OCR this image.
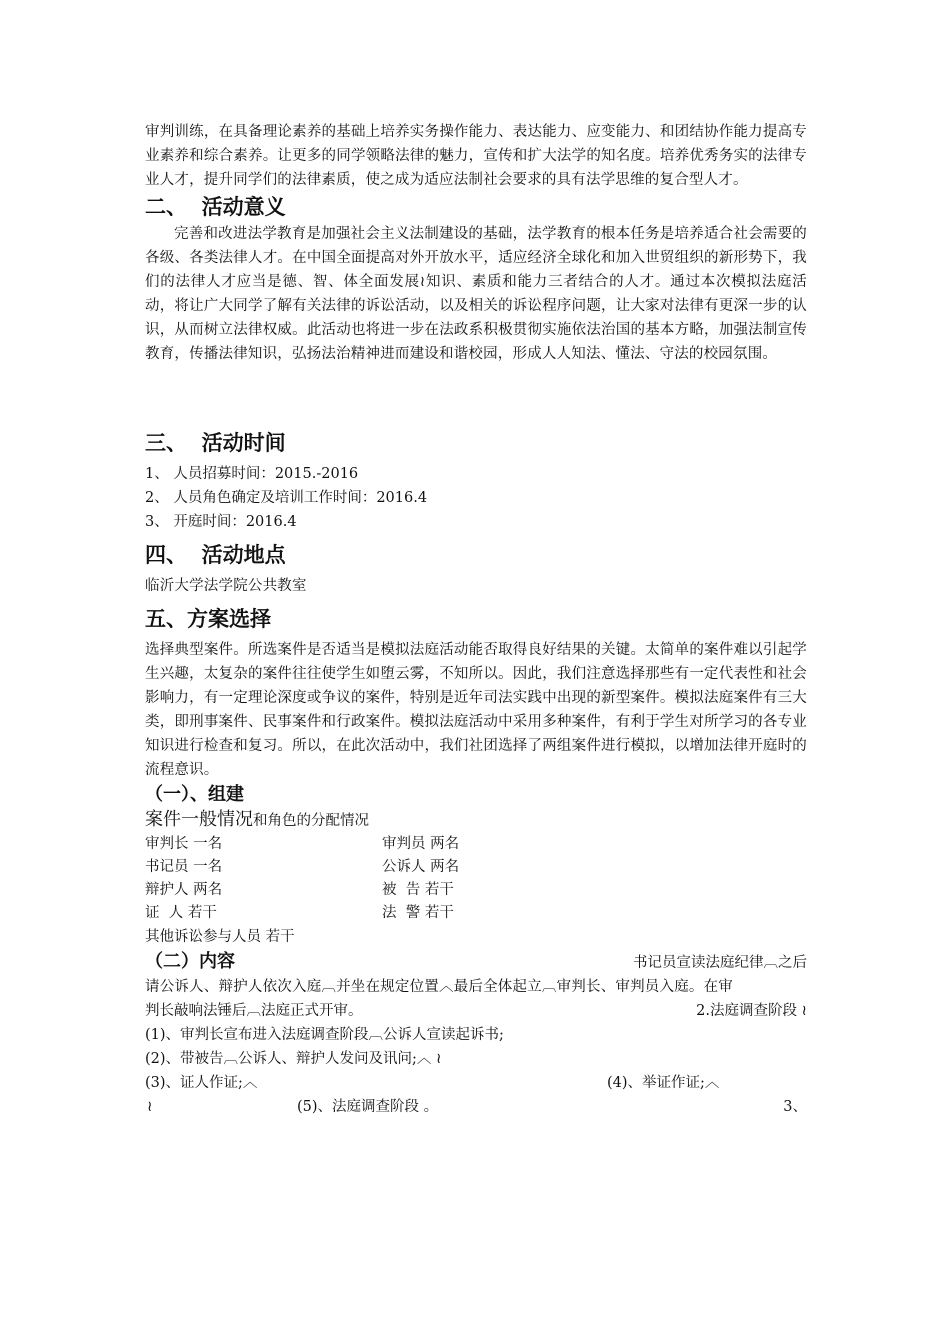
审判训练，在具备理论素养的基础上培养实务操作能力、表达能力、应变能力、和团结协作能力提高专业素养和综合素养。让更多的同学领略法律的魅力，宣传和扩大法学的知名度。培养优秀务实的法律专业人才，提升同学们的法律素质，使之成为适应法制社会要求的具有法学思维的复合型人才。

二、  活动意义

完善和改进法学教育是加强社会主义法制建设的基础，法学教育的根本任务是培养适合社会需要的各级、各类法律人才。在中国全面提高对外开放水平，适应经济全球化和加入世贸组织的新形势下，我们的法律人才应当是德、智、体全面发展≀知识、素质和能力三者结合的人才。通过本次模拟法庭活动，将让广大同学了解有关法律的诉讼活动，以及相关的诉讼程序问题，让大家对法律有更深一步的认识，从而树立法律权威。此活动也将进一步在法政系积极贯彻实施依法治国的基本方略，加强法制宣传教育，传播法律知识，弘扬法治精神进而建设和谐校园，形成人人知法、懂法、守法的校园氛围。

三、  活动时间

1、 人员招募时间：2015.-2016

2、 人员角色确定及培训工作时间：2016.4

3、 开庭时间：2016.4

四、  活动地点

临沂大学法学院公共教室

五、方案选择

选择典型案件。所选案件是否适当是模拟法庭活动能否取得良好结果的关键。太简单的案件难以引起学生兴趣，太复杂的案件往往使学生如堕云雾，不知所以。因此，我们注意选择那些有一定代表性和社会影响力，有一定理论深度或争议的案件，特别是近年司法实践中出现的新型案件。模拟法庭案件有三大类，即刑事案件、民事案件和行政案件。模拟法庭活动中采用多种案件，有利于学生对所学习的各专业知识进行检查和复习。所以，在此次活动中，我们社团选择了两组案件进行模拟，以增加法律开庭时的流程意识。

（一）、组建
案件一般情况和角色的分配情况
审判长 一名	审判员 两名
书记员 一名	公诉人 两名
辩护人 两名	被  告 若干
证  人 若干	法  警 若干

其他诉讼参与人员 若干

（二）内容	书记员宣读法庭纪律︹之后

请公诉人、辩护人依次入庭︹并坐在规定位置︿最后全体起立︹审判长、审判员入庭。在审

判长敲响法锤后︹法庭正式开审。	2.法庭调查阶段 ≀

(1)、审判长宣布进入法庭调查阶段︹公诉人宣读起诉书;

(2)、带被告︹公诉人、辩护人发问及讯问;︿ ≀

(3)、证人作证;︿	(4)、举证作证;︿
≀	(5)、法庭调查阶段 。	3、
